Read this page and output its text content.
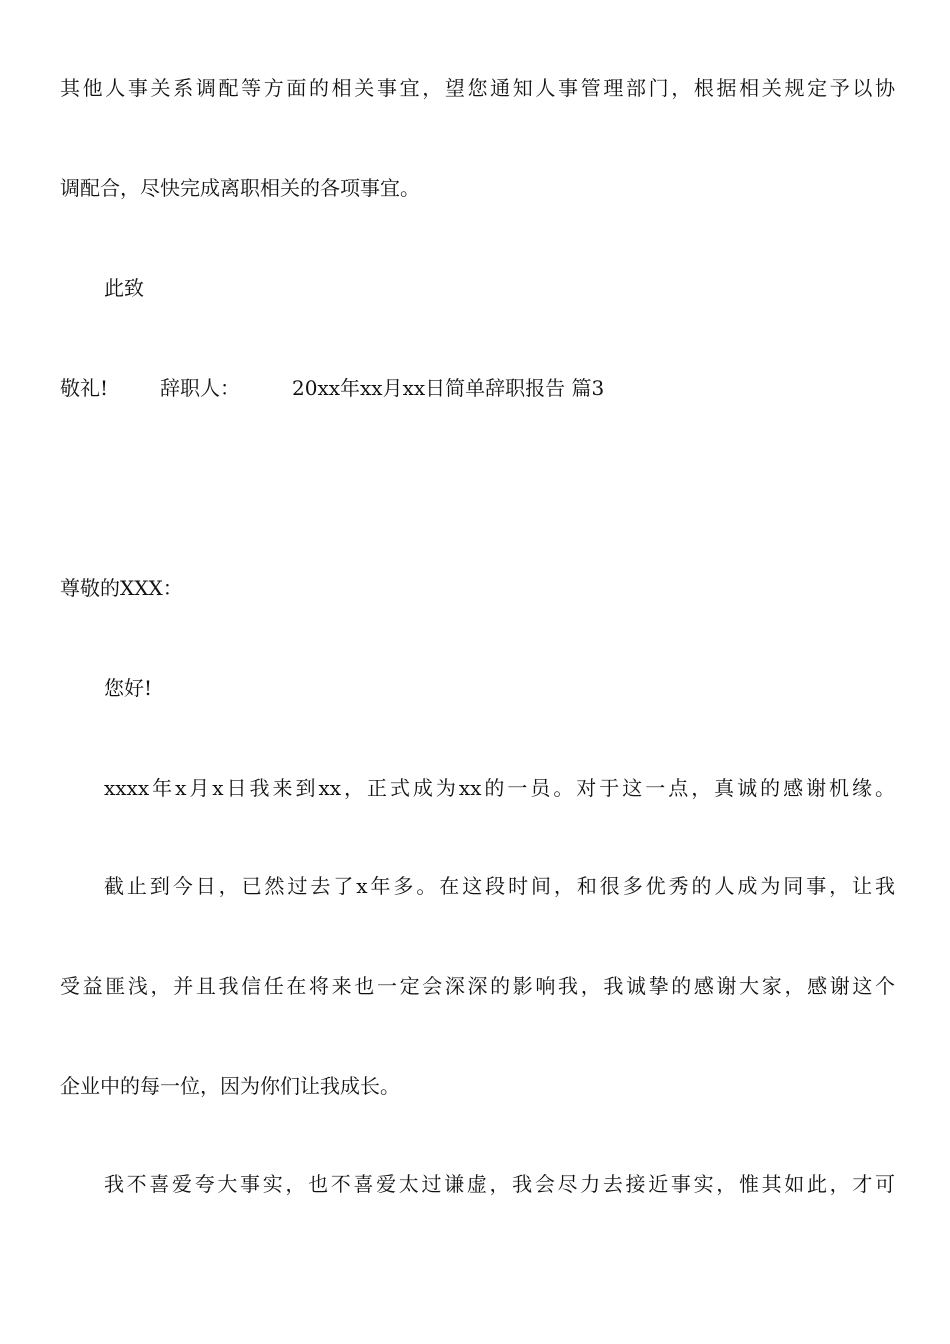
其他人事关系调配等方面的相关事宜，望您通知人事管理部门，根据相关规定予以协
调配合，尽快完成离职相关的各项事宜。
此致
敬礼!	辞职人：	20xx年xx月xx日简单辞职报告 篇3
尊敬的XXX：
您好!
xxxx年x月x日我来到xx，正式成为xx的一员。对于这一点，真诚的感谢机缘。
截止到今日，已然过去了x年多。在这段时间，和很多优秀的人成为同事，让我
受益匪浅，并且我信任在将来也一定会深深的影响我，我诚挚的感谢大家，感谢这个
企业中的每一位，因为你们让我成长。
我不喜爱夸大事实，也不喜爱太过谦虚，我会尽力去接近事实，惟其如此，才可
